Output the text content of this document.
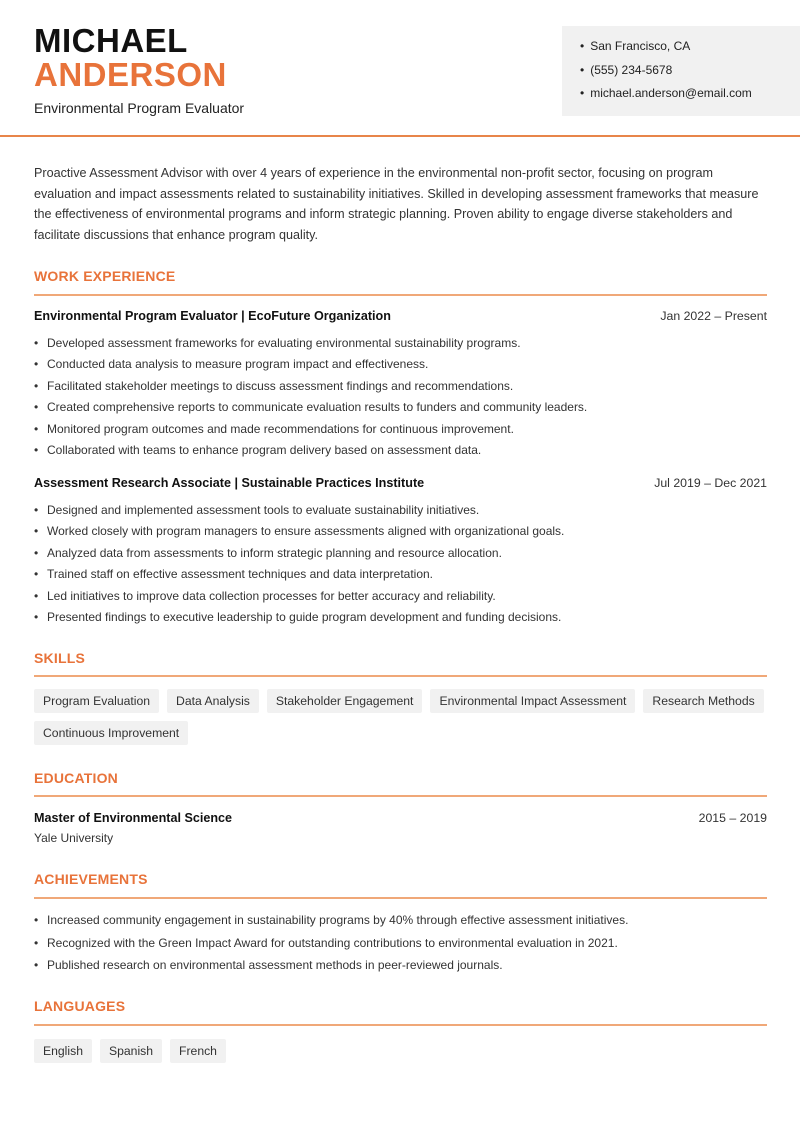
MICHAEL
ANDERSON
Environmental Program Evaluator
• San Francisco, CA
• (555) 234-5678
• michael.anderson@email.com
Proactive Assessment Advisor with over 4 years of experience in the environmental non-profit sector, focusing on program evaluation and impact assessments related to sustainability initiatives. Skilled in developing assessment frameworks that measure the effectiveness of environmental programs and inform strategic planning. Proven ability to engage diverse stakeholders and facilitate discussions that enhance program quality.
WORK EXPERIENCE
Environmental Program Evaluator | EcoFuture Organization	Jan 2022 – Present
• Developed assessment frameworks for evaluating environmental sustainability programs.
• Conducted data analysis to measure program impact and effectiveness.
• Facilitated stakeholder meetings to discuss assessment findings and recommendations.
• Created comprehensive reports to communicate evaluation results to funders and community leaders.
• Monitored program outcomes and made recommendations for continuous improvement.
• Collaborated with teams to enhance program delivery based on assessment data.
Assessment Research Associate | Sustainable Practices Institute	Jul 2019 – Dec 2021
• Designed and implemented assessment tools to evaluate sustainability initiatives.
• Worked closely with program managers to ensure assessments aligned with organizational goals.
• Analyzed data from assessments to inform strategic planning and resource allocation.
• Trained staff on effective assessment techniques and data interpretation.
• Led initiatives to improve data collection processes for better accuracy and reliability.
• Presented findings to executive leadership to guide program development and funding decisions.
SKILLS
Program Evaluation	Data Analysis	Stakeholder Engagement	Environmental Impact Assessment	Research Methods
Continuous Improvement
EDUCATION
Master of Environmental Science
Yale University
2015 – 2019
ACHIEVEMENTS
• Increased community engagement in sustainability programs by 40% through effective assessment initiatives.
• Recognized with the Green Impact Award for outstanding contributions to environmental evaluation in 2021.
• Published research on environmental assessment methods in peer-reviewed journals.
LANGUAGES
English	Spanish	French
